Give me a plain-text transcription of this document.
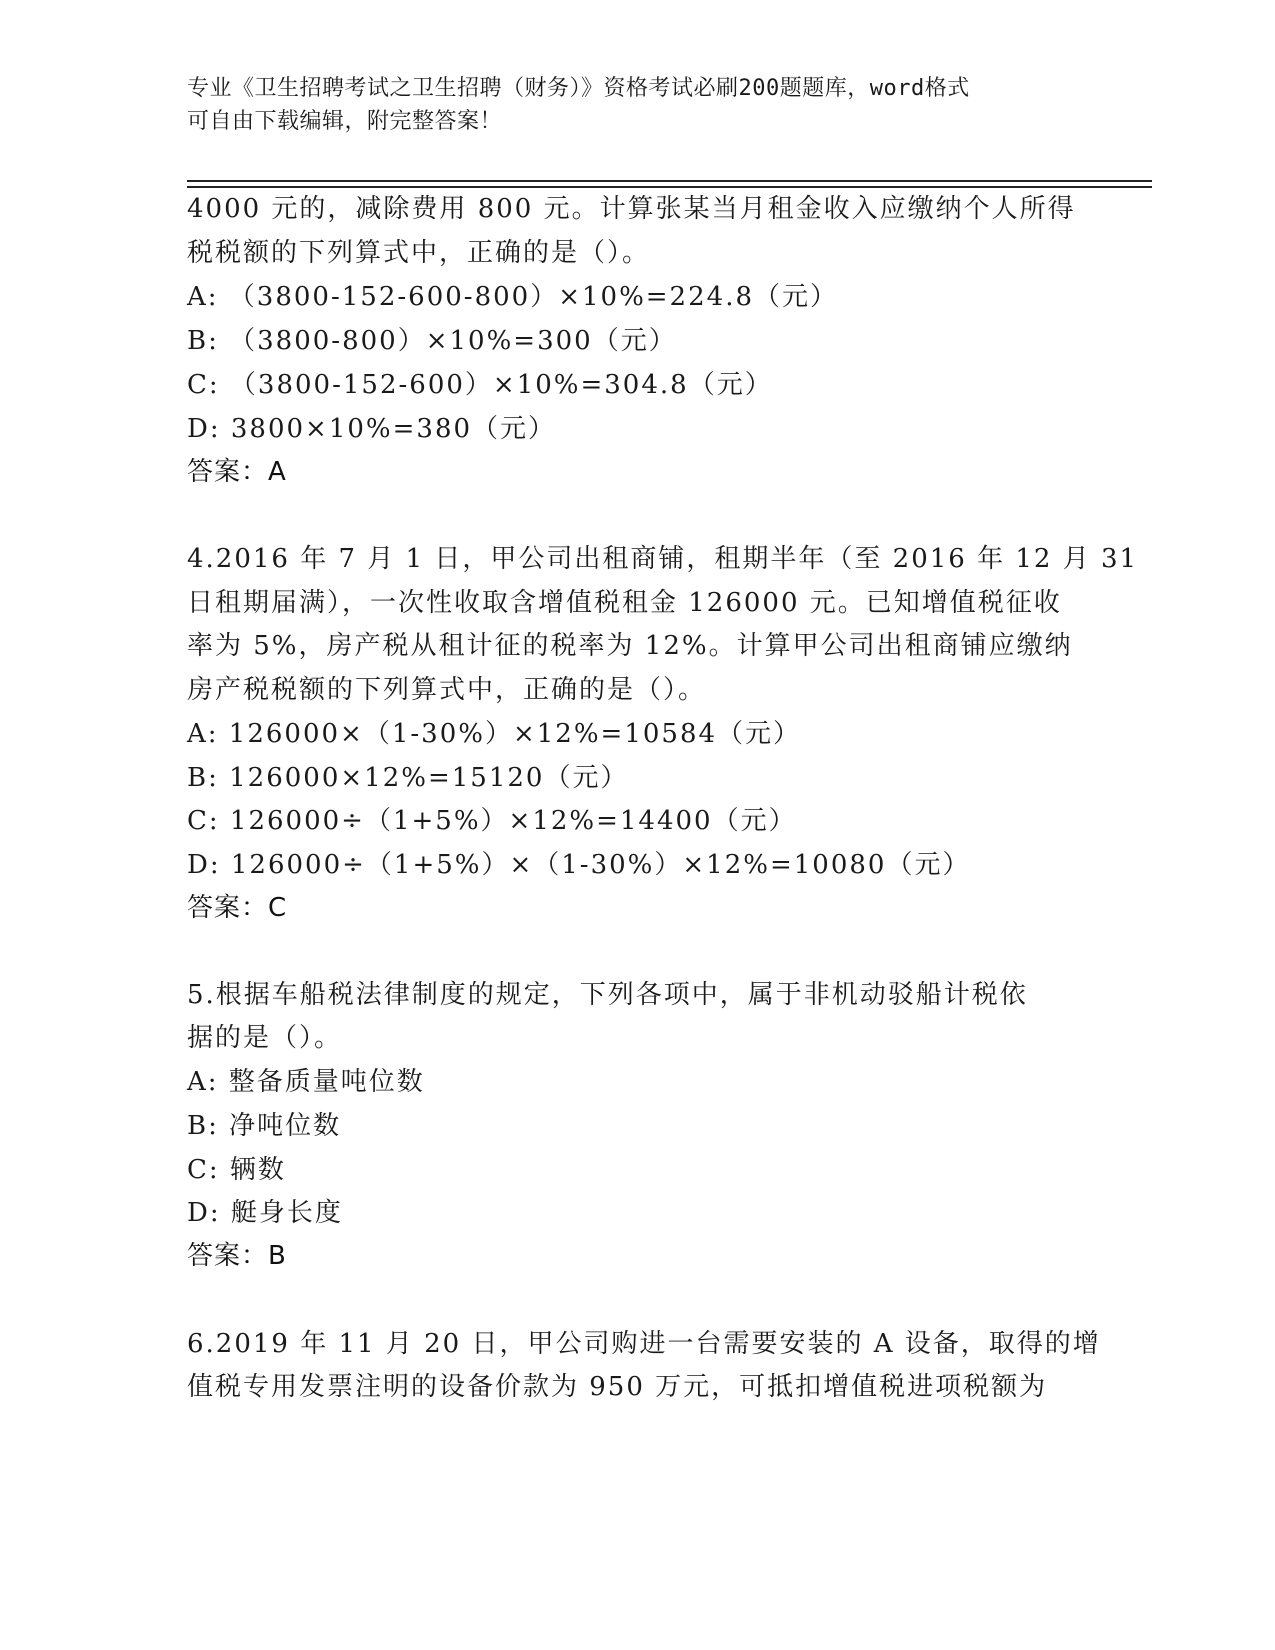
专业《卫生招聘考试之卫生招聘（财务）》资格考试必刷200题题库，word格式
可自由下载编辑，附完整答案！
4000 元的，减除费用 800 元。计算张某当月租金收入应缴纳个人所得
税税额的下列算式中，正确的是（）。
A: （3800-152-600-800）×10%=224.8（元）
B: （3800-800）×10%=300（元）
C: （3800-152-600）×10%=304.8（元）
D: 3800×10%=380（元）
答案：A
4.2016 年 7 月 1 日，甲公司出租商铺，租期半年（至 2016 年 12 月 31
日租期届满），一次性收取含增值税租金 126000 元。已知增值税征收
率为 5%，房产税从租计征的税率为 12%。计算甲公司出租商铺应缴纳
房产税税额的下列算式中，正确的是（）。
A: 126000×（1-30%）×12%=10584（元）
B: 126000×12%=15120（元）
C: 126000÷（1+5%）×12%=14400（元）
D: 126000÷（1+5%）×（1-30%）×12%=10080（元）
答案：C
5.根据车船税法律制度的规定，下列各项中，属于非机动驳船计税依
据的是（）。
A: 整备质量吨位数
B: 净吨位数
C: 辆数
D: 艇身长度
答案：B
6.2019 年 11 月 20 日，甲公司购进一台需要安装的 A 设备，取得的增
值税专用发票注明的设备价款为 950 万元，可抵扣增值税进项税额为
